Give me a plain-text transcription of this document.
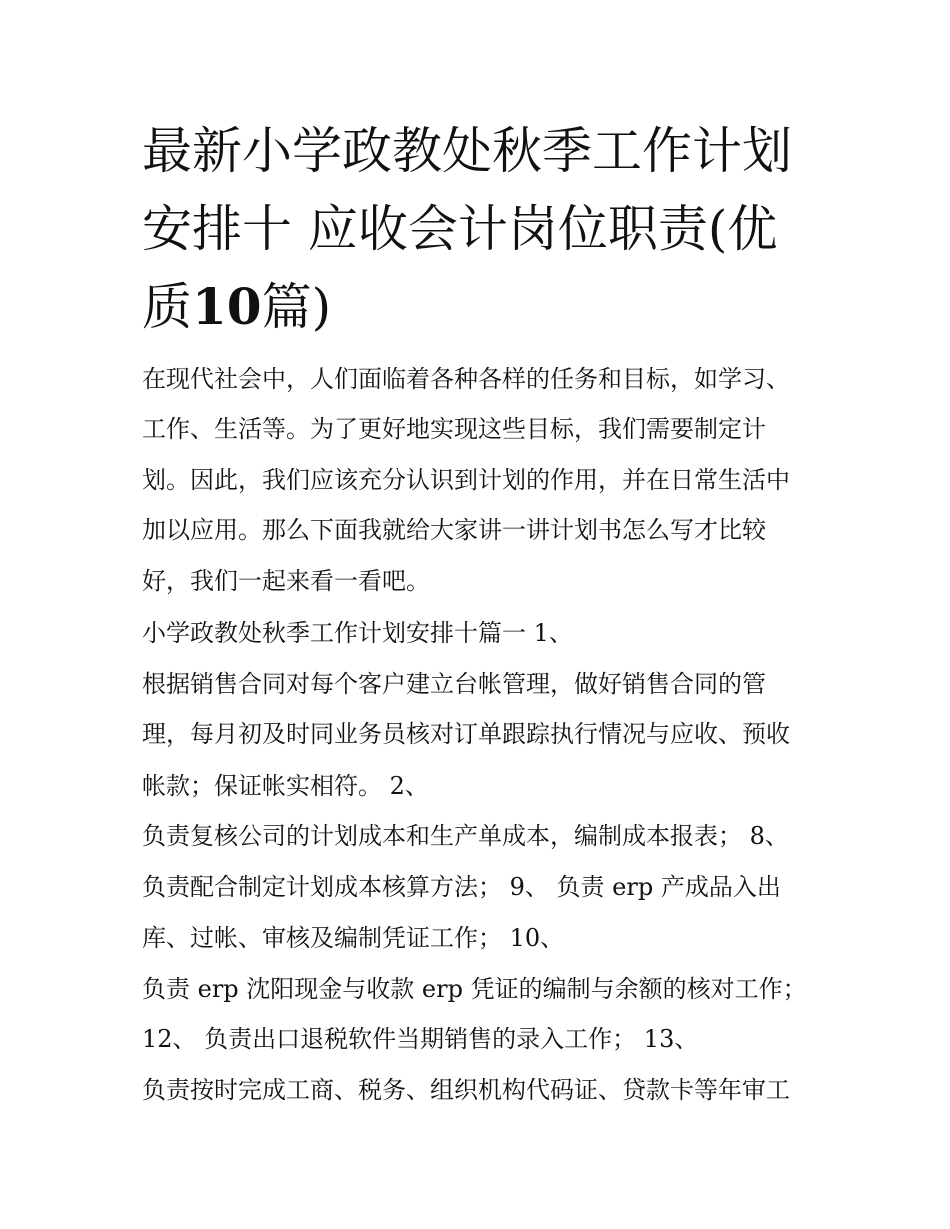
最新小学政教处秋季工作计划安排十 应收会计岗位职责(优质10篇)

在现代社会中，人们面临着各种各样的任务和目标，如学习、

工作、生活等。为了更好地实现这些目标，我们需要制定计

划。因此，我们应该充分认识到计划的作用，并在日常生活中

加以应用。那么下面我就给大家讲一讲计划书怎么写才比较

好，我们一起来看一看吧。

小学政教处秋季工作计划安排十篇一 1、

根据销售合同对每个客户建立台帐管理，做好销售合同的管

理，每月初及时同业务员核对订单跟踪执行情况与应收、预收

帐款；保证帐实相符。 2、

负责复核公司的计划成本和生产单成本，编制成本报表； 8、

负责配合制定计划成本核算方法； 9、 负责 erp 产成品入出

库、过帐、审核及编制凭证工作； 10、

负责 erp 沈阳现金与收款 erp 凭证的编制与余额的核对工作；

12、 负责出口退税软件当期销售的录入工作； 13、

负责按时完成工商、税务、组织机构代码证、贷款卡等年审工
